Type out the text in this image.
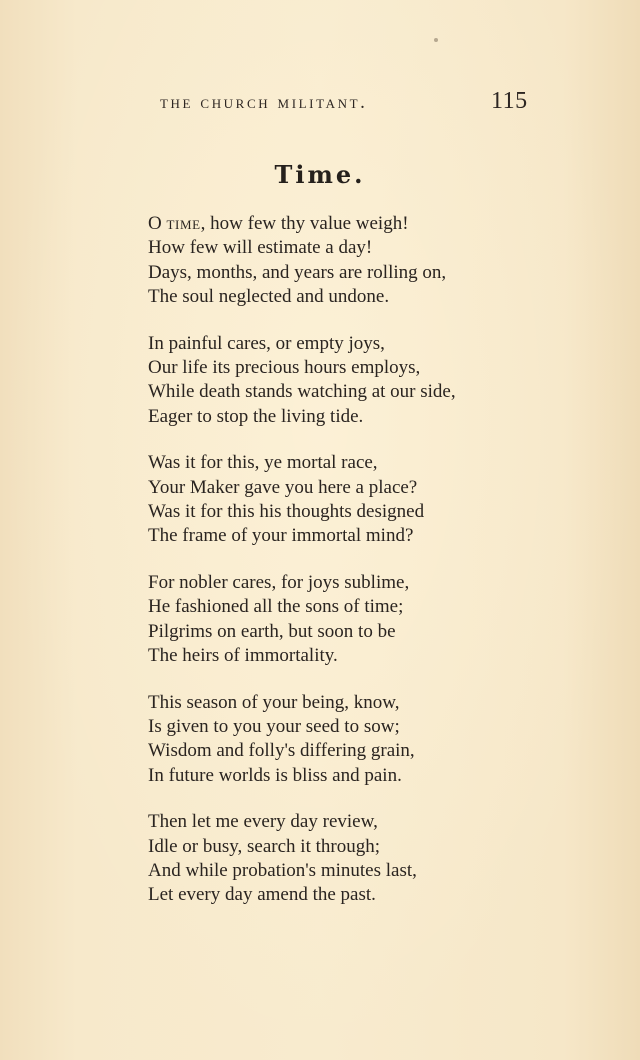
the church militant.	115
Time.
O time, how few thy value weigh!
How few will estimate a day!
Days, months, and years are rolling on,
The soul neglected and undone.
In painful cares, or empty joys,
Our life its precious hours employs,
While death stands watching at our side,
Eager to stop the living tide.
Was it for this, ye mortal race,
Your Maker gave you here a place?
Was it for this his thoughts designed
The frame of your immortal mind?
For nobler cares, for joys sublime,
He fashioned all the sons of time;
Pilgrims on earth, but soon to be
The heirs of immortality.
This season of your being, know,
Is given to you your seed to sow;
Wisdom and folly's differing grain,
In future worlds is bliss and pain.
Then let me every day review,
Idle or busy, search it through;
And while probation's minutes last,
Let every day amend the past.
